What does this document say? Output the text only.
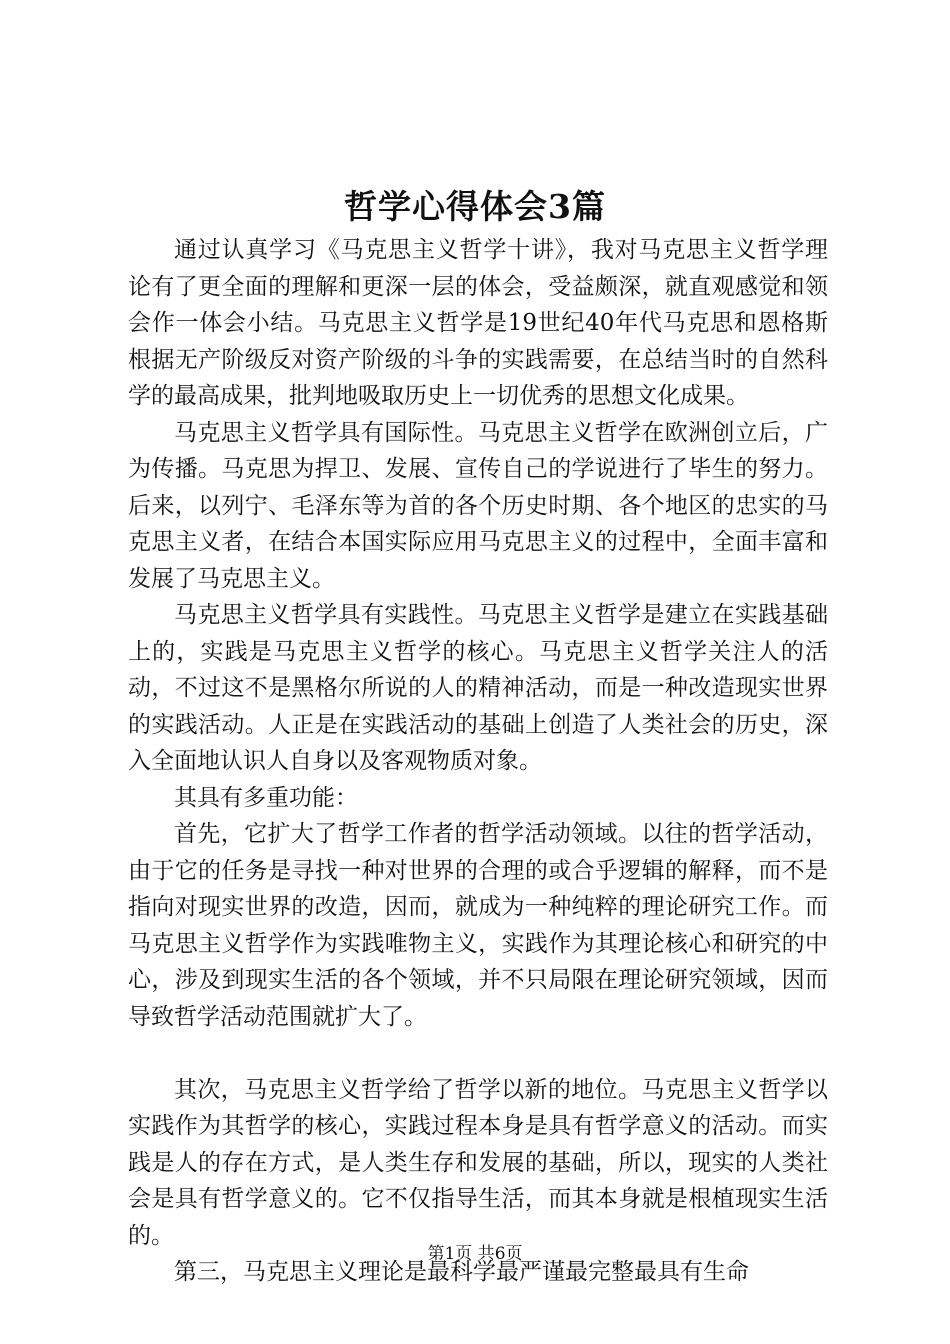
哲学心得体会3篇

通过认真学习《马克思主义哲学十讲》，我对马克思主义哲学理论有了更全面的理解和更深一层的体会，受益颇深，就直观感觉和领会作一体会小结。马克思主义哲学是19世纪40年代马克思和恩格斯根据无产阶级反对资产阶级的斗争的实践需要，在总结当时的自然科学的最高成果，批判地吸取历史上一切优秀的思想文化成果。

马克思主义哲学具有国际性。马克思主义哲学在欧洲创立后，广为传播。马克思为捍卫、发展、宣传自己的学说进行了毕生的努力。后来，以列宁、毛泽东等为首的各个历史时期、各个地区的忠实的马克思主义者，在结合本国实际应用马克思主义的过程中，全面丰富和发展了马克思主义。

马克思主义哲学具有实践性。马克思主义哲学是建立在实践基础上的，实践是马克思主义哲学的核心。马克思主义哲学关注人的活动，不过这不是黑格尔所说的人的精神活动，而是一种改造现实世界的实践活动。人正是在实践活动的基础上创造了人类社会的历史，深入全面地认识人自身以及客观物质对象。

其具有多重功能：

首先，它扩大了哲学工作者的哲学活动领域。以往的哲学活动，由于它的任务是寻找一种对世界的合理的或合乎逻辑的解释，而不是指向对现实世界的改造，因而，就成为一种纯粹的理论研究工作。而马克思主义哲学作为实践唯物主义，实践作为其理论核心和研究的中心，涉及到现实生活的各个领域，并不只局限在理论研究领域，因而导致哲学活动范围就扩大了。

其次，马克思主义哲学给了哲学以新的地位。马克思主义哲学以实践作为其哲学的核心，实践过程本身是具有哲学意义的活动。而实践是人的存在方式，是人类生存和发展的基础，所以，现实的人类社会是具有哲学意义的。它不仅指导生活，而其本身就是根植现实生活的。

第三，马克思主义理论是最科学最严谨最完整最具有生命

第1页 共6页
